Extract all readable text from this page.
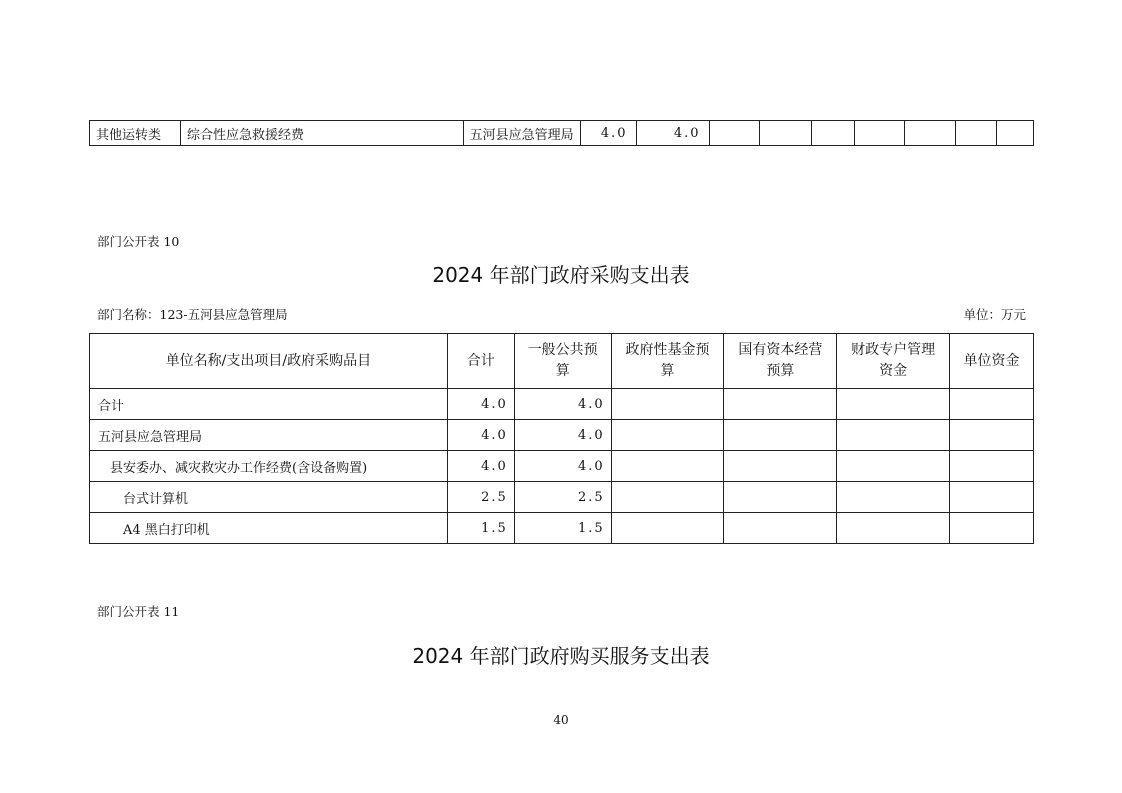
其他运转类	综合性应急救援经费	五河县应急管理局	4.0	4.0							
部门公开表 10
2024 年部门政府采购支出表
部门名称：123-五河县应急管理局	单位：万元
单位名称/支出项目/政府采购品目	合计	一般公共预算	政府性基金预算	国有资本经营预算	财政专户管理资金	单位资金
合计	4.0	4.0				
五河县应急管理局	4.0	4.0				
县安委办、减灾救灾办工作经费(含设备购置)	4.0	4.0				
台式计算机	2.5	2.5				
A4 黑白打印机	1.5	1.5				
部门公开表 11
2024 年部门政府购买服务支出表
40
